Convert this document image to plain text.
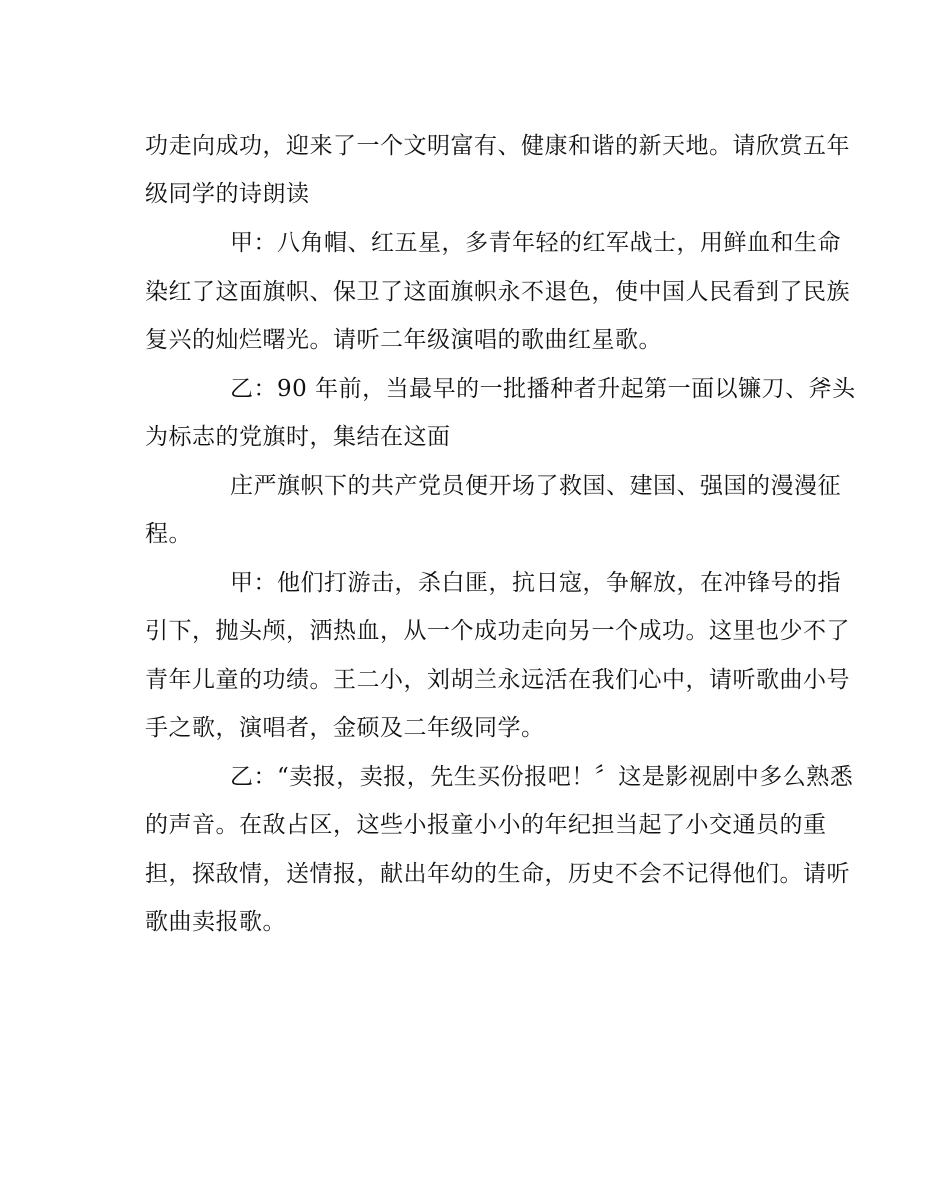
功走向成功，迎来了一个文明富有、健康和谐的新天地。请欣赏五年
级同学的诗朗读
甲：八角帽、红五星，多青年轻的红军战士，用鲜血和生命
染红了这面旗帜、保卫了这面旗帜永不退色，使中国人民看到了民族
复兴的灿烂曙光。请听二年级演唱的歌曲红星歌。
乙：90 年前，当最早的一批播种者升起第一面以镰刀、斧头
为标志的党旗时，集结在这面
庄严旗帜下的共产党员便开场了救国、建国、强国的漫漫征
程。
甲：他们打游击，杀白匪，抗日寇，争解放，在冲锋号的指
引下，抛头颅，洒热血，从一个成功走向另一个成功。这里也少不了
青年儿童的功绩。王二小，刘胡兰永远活在我们心中，请听歌曲小号
手之歌，演唱者，金硕及二年级同学。
乙：“卖报，卖报，先生买份报吧！〞这是影视剧中多么熟悉
的声音。在敌占区，这些小报童小小的年纪担当起了小交通员的重
担，探敌情，送情报，献出年幼的生命，历史不会不记得他们。请听
歌曲卖报歌。
